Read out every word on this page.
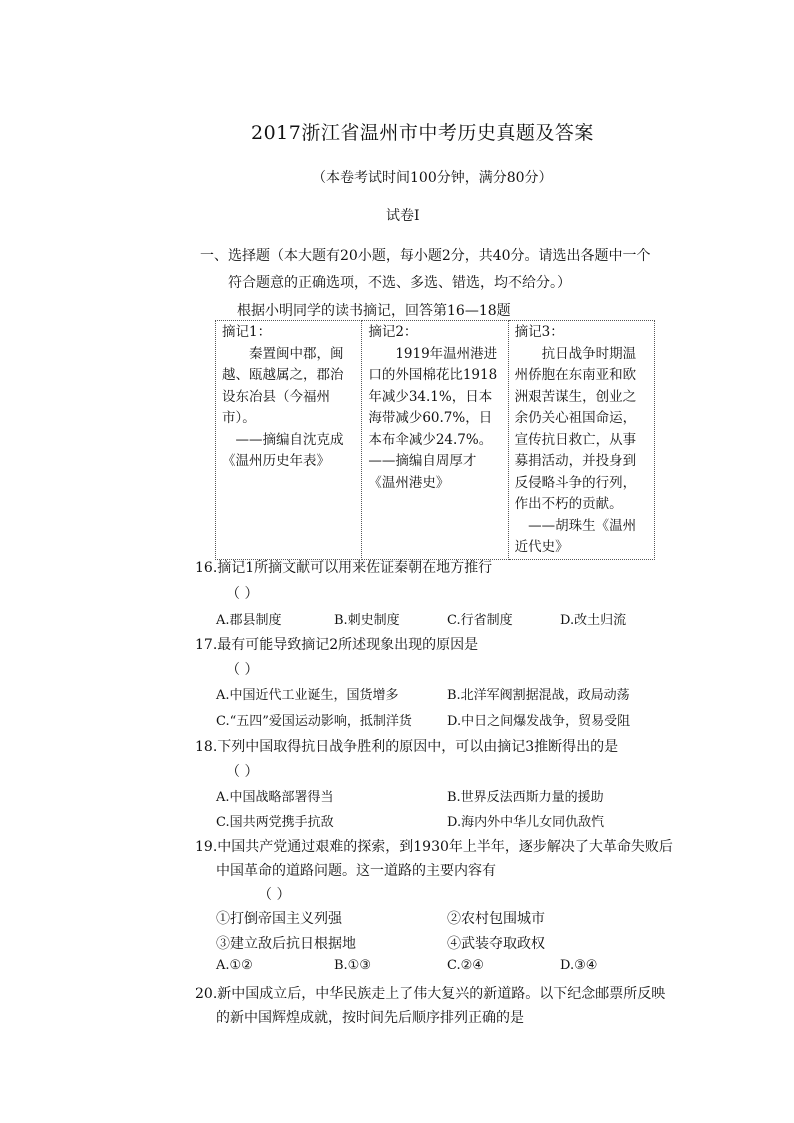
2017浙江省温州市中考历史真题及答案
（本卷考试时间100分钟，满分80分）
试卷I
一、选择题（本大题有20小题，每小题2分，共40分。请选出各题中一个
符合题意的正确选项，不选、多选、错选，均不给分。）
根据小明同学的读书摘记，回答第16—18题
摘记1：
秦置闽中郡，闽越、瓯越属之，郡治设东冶县（今福州市）。
——摘编自沈克成《温州历史年表》

摘记2：
1919年温州港进口的外国棉花比1918年减少34.1%，日本海带减少60.7%，日本布伞减少24.7%。
——摘编自周厚才《温州港史》

摘记3：
抗日战争时期温州侨胞在东南亚和欧洲艰苦谋生，创业之余仍关心祖国命运，宣传抗日救亡，从事募捐活动，并投身到反侵略斗争的行列，作出不朽的贡献。
——胡珠生《温州近代史》
16.摘记1所摘文献可以用来佐证秦朝在地方推行
（ ）
A.郡县制度	B.刺史制度	C.行省制度	D.改土归流
17.最有可能导致摘记2所述现象出现的原因是
（ ）
A.中国近代工业诞生，国货增多	B.北洋军阀割据混战，政局动荡
C.“五四”爱国运动影响，抵制洋货	D.中日之间爆发战争，贸易受阻
18.下列中国取得抗日战争胜利的原因中，可以由摘记3推断得出的是
（ ）
A.中国战略部署得当	B.世界反法西斯力量的援助
C.国共两党携手抗敌	D.海内外中华儿女同仇敌忾
19.中国共产党通过艰难的探索，到1930年上半年，逐步解决了大革命失败后
中国革命的道路问题。这一道路的主要内容有
（ ）
①打倒帝国主义列强	②农村包围城市
③建立敌后抗日根据地	④武装夺取政权
A.①②	B.①③	C.②④	D.③④
20.新中国成立后，中华民族走上了伟大复兴的新道路。以下纪念邮票所反映
的新中国辉煌成就，按时间先后顺序排列正确的是
